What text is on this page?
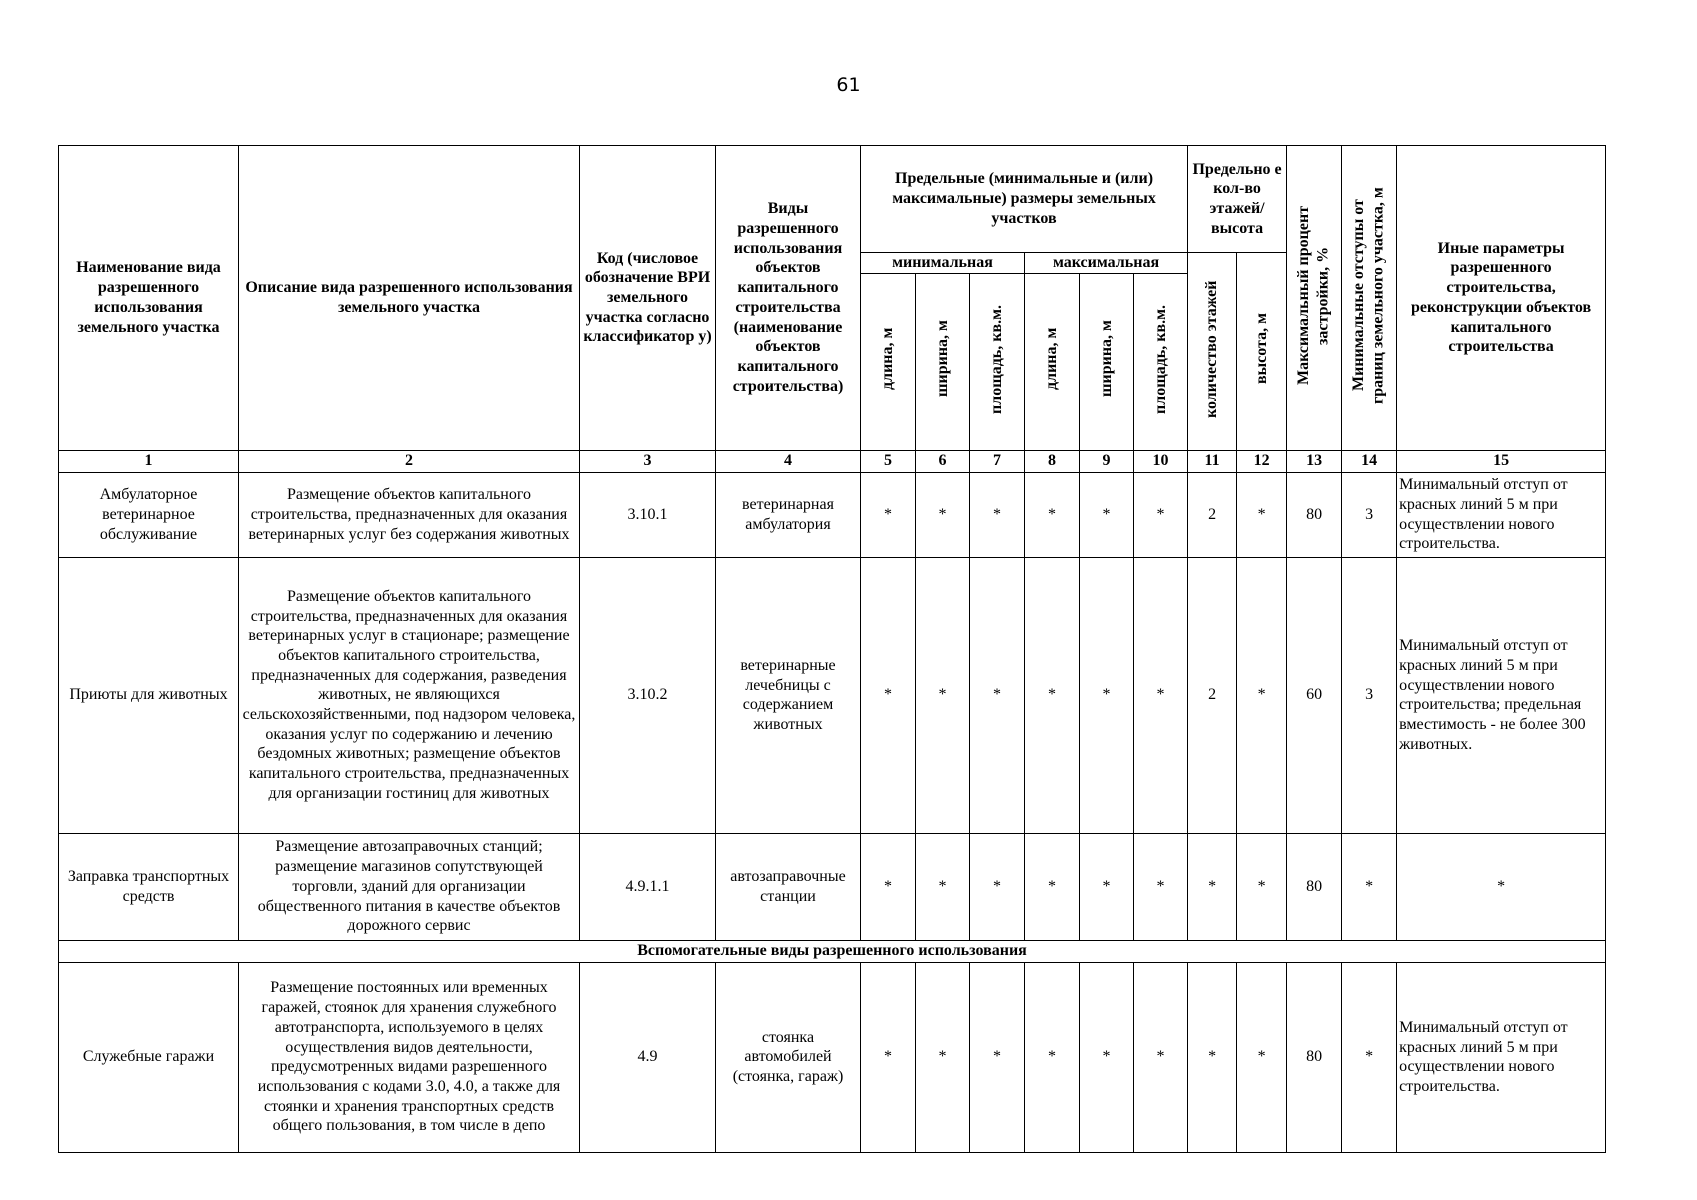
61
Наименование вида разрешенного использования земельного участка	Описание вида разрешенного использования земельного участка	Код (числовое обозначение ВРИ земельного участка согласно классификатор у)	Виды разрешенного использования объектов капитального строительства (наименование объектов капитального строительства)	Предельные (минимальные и (или) максимальные) размеры земельных участков						Предельно е кол-во этажей/ высота		Максимальный процент застройки, %	Минимальные отступы от границ земельного участка, м	Иные параметры разрешенного строительства, реконструкции объектов капитального строительства
				минимальная			максимальная			количество этажей	высота, м			
				длина, м	ширина, м	площадь, кв.м.	длина, м	ширина, м	площадь, кв.м.					
1	2	3	4	5	6	7	8	9	10	11	12	13	14	15
Амбулаторное ветеринарное обслуживание	Размещение объектов капитального строительства, предназначенных для оказания ветеринарных услуг без содержания животных	3.10.1	ветеринарная амбулатория	*	*	*	*	*	*	2	*	80	3	Минимальный отступ от красных линий 5 м при осуществлении нового строительства.
Приюты для животных	Размещение объектов капитального строительства, предназначенных для оказания ветеринарных услуг в стационаре; размещение объектов капитального строительства, предназначенных для содержания, разведения животных, не являющихся сельскохозяйственными, под надзором человека, оказания услуг по содержанию и лечению бездомных животных; размещение объектов капитального строительства, предназначенных для организации гостиниц для животных	3.10.2	ветеринарные лечебницы с содержанием животных	*	*	*	*	*	*	2	*	60	3	Минимальный отступ от красных линий 5 м при осуществлении нового строительства; предельная вместимость - не более 300 животных.
Заправка транспортных средств	Размещение автозаправочных станций; размещение магазинов сопутствующей торговли, зданий для организации общественного питания в качестве объектов дорожного сервис	4.9.1.1	автозаправочные станции	*	*	*	*	*	*	*	*	80	*	*
Вспомогательные виды разрешенного использования														
Служебные гаражи	Размещение постоянных или временных гаражей, стоянок для хранения служебного автотранспорта, используемого в целях осуществления видов деятельности, предусмотренных видами разрешенного использования с кодами 3.0, 4.0, а также для стоянки и хранения транспортных средств общего пользования, в том числе в депо	4.9	стоянка автомобилей (стоянка, гараж)	*	*	*	*	*	*	*	*	80	*	Минимальный отступ от красных линий 5 м при осуществлении нового строительства.
